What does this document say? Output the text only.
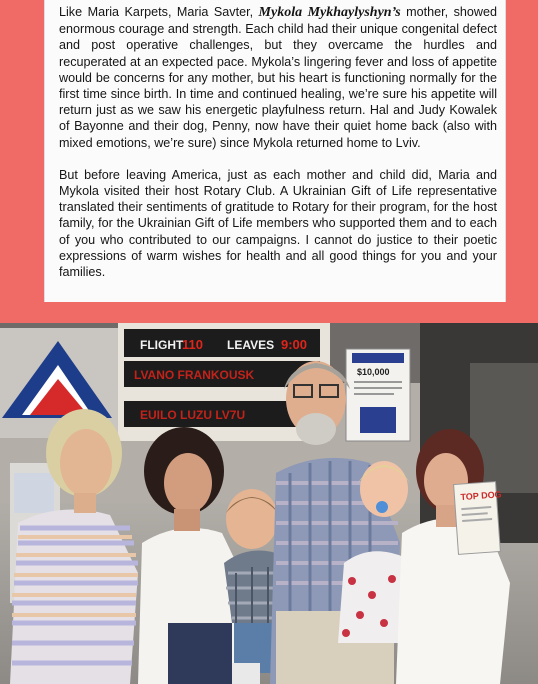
Like Maria Karpets, Maria Savter, Mykola Mykhaylyshyn’s mother, showed enormous courage and strength. Each child had their unique congenital defect and post operative challenges, but they overcame the hurdles and recuperated at an expected pace. Mykola’s lingering fever and loss of appetite would be concerns for any mother, but his heart is functioning normally for the first time since birth. In time and continued healing, we’re sure his appetite will return just as we saw his energetic playfulness return. Hal and Judy Kowalek of Bayonne and their dog, Penny, now have their quiet home back (also with mixed emotions, we’re sure) since Mykola returned home to Lviv.

But before leaving America, just as each mother and child did, Maria and Mykola visited their host Rotary Club. A Ukrainian Gift of Life representative translated their sentiments of gratitude to Rotary for their program, for the host family, for the Ukrainian Gift of Life members who supported them and to each of you who contributed to our campaigns. I cannot do justice to their poetic expressions of warm wishes for health and all good things for you and your families.

FLIGHT
110 LEAVES 9:00
LVANO FRANKOUSK
EUILO LUZU LV7U
$10,000
TOP DOG
